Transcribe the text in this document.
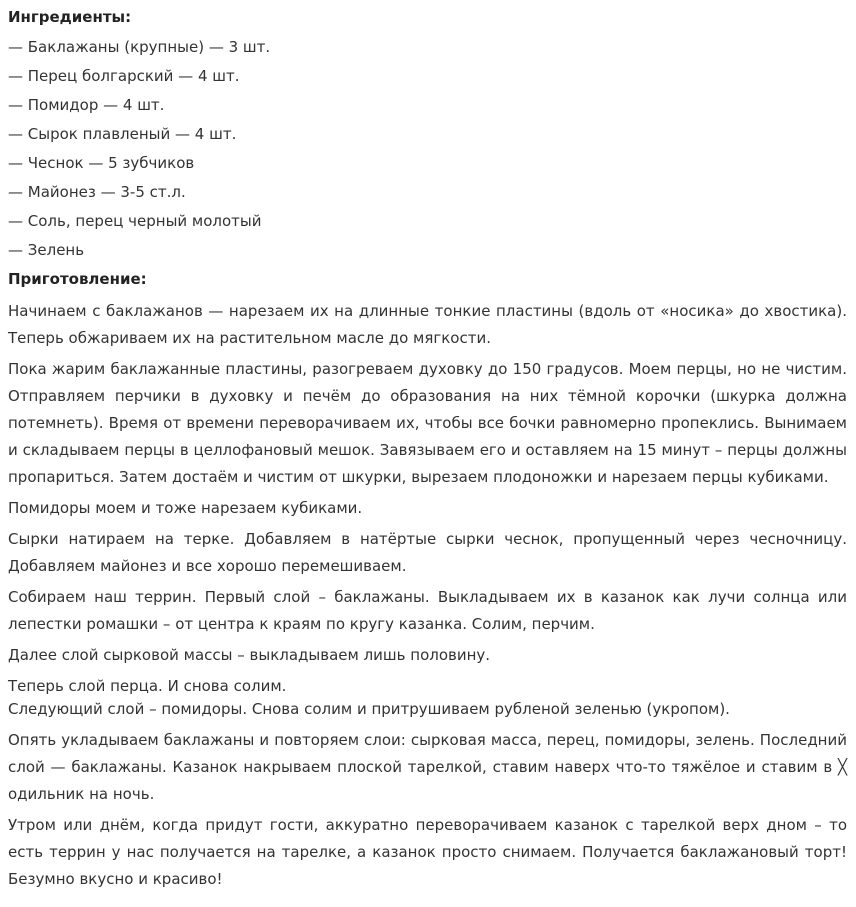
Ингредиенты:
— Баклажаны (крупные) — 3 шт.
— Перец болгарский — 4 шт.
— Помидор — 4 шт.
— Сырок плавленый — 4 шт.
— Чеснок — 5 зубчиков
— Майонез — 3-5 ст.л.
— Соль, перец черный молотый
— Зелень
Приготовление:

Начинаем с баклажанов — нарезаем их на длинные тонкие пластины (вдоль от «носика» до хвостика). Теперь обжариваем их на растительном масле до мягкости.

Пока жарим баклажанные пластины, разогреваем духовку до 150 градусов. Моем перцы, но не чистим. Отправляем перчики в духовку и печём до образования на них тёмной корочки (шкурка должна потемнеть). Время от времени переворачиваем их, чтобы все бочки равномерно пропеклись. Вынимаем и складываем перцы в целлофановый мешок. Завязываем его и оставляем на 15 минут – перцы должны пропариться. Затем достаём и чистим от шкурки, вырезаем плодоножки и нарезаем перцы кубиками.

Помидоры моем и тоже нарезаем кубиками.

Сырки натираем на терке. Добавляем в натёртые сырки чеснок, пропущенный через чесночницу. Добавляем майонез и все хорошо перемешиваем.

Собираем наш террин. Первый слой – баклажаны. Выкладываем их в казанок как лучи солнца или лепестки ромашки – от центра к краям по кругу казанка. Солим, перчим.

Далее слой сырковой массы – выкладываем лишь половину.

Теперь слой перца. И снова солим.

Следующий слой – помидоры. Снова солим и притрушиваем рубленой зеленью (укропом).

Опять укладываем баклажаны и повторяем слои: сырковая масса, перец, помидоры, зелень. Последний слой — баклажаны. Казанок накрываем плоской тарелкой, ставим наверх что-то тяжёлое и ставим в ╳ одильник на ночь.

Утром или днём, когда придут гости, аккуратно переворачиваем казанок с тарелкой верх дном – то есть террин у нас получается на тарелке, а казанок просто снимаем. Получается баклажановый торт! Безумно вкусно и красиво!
